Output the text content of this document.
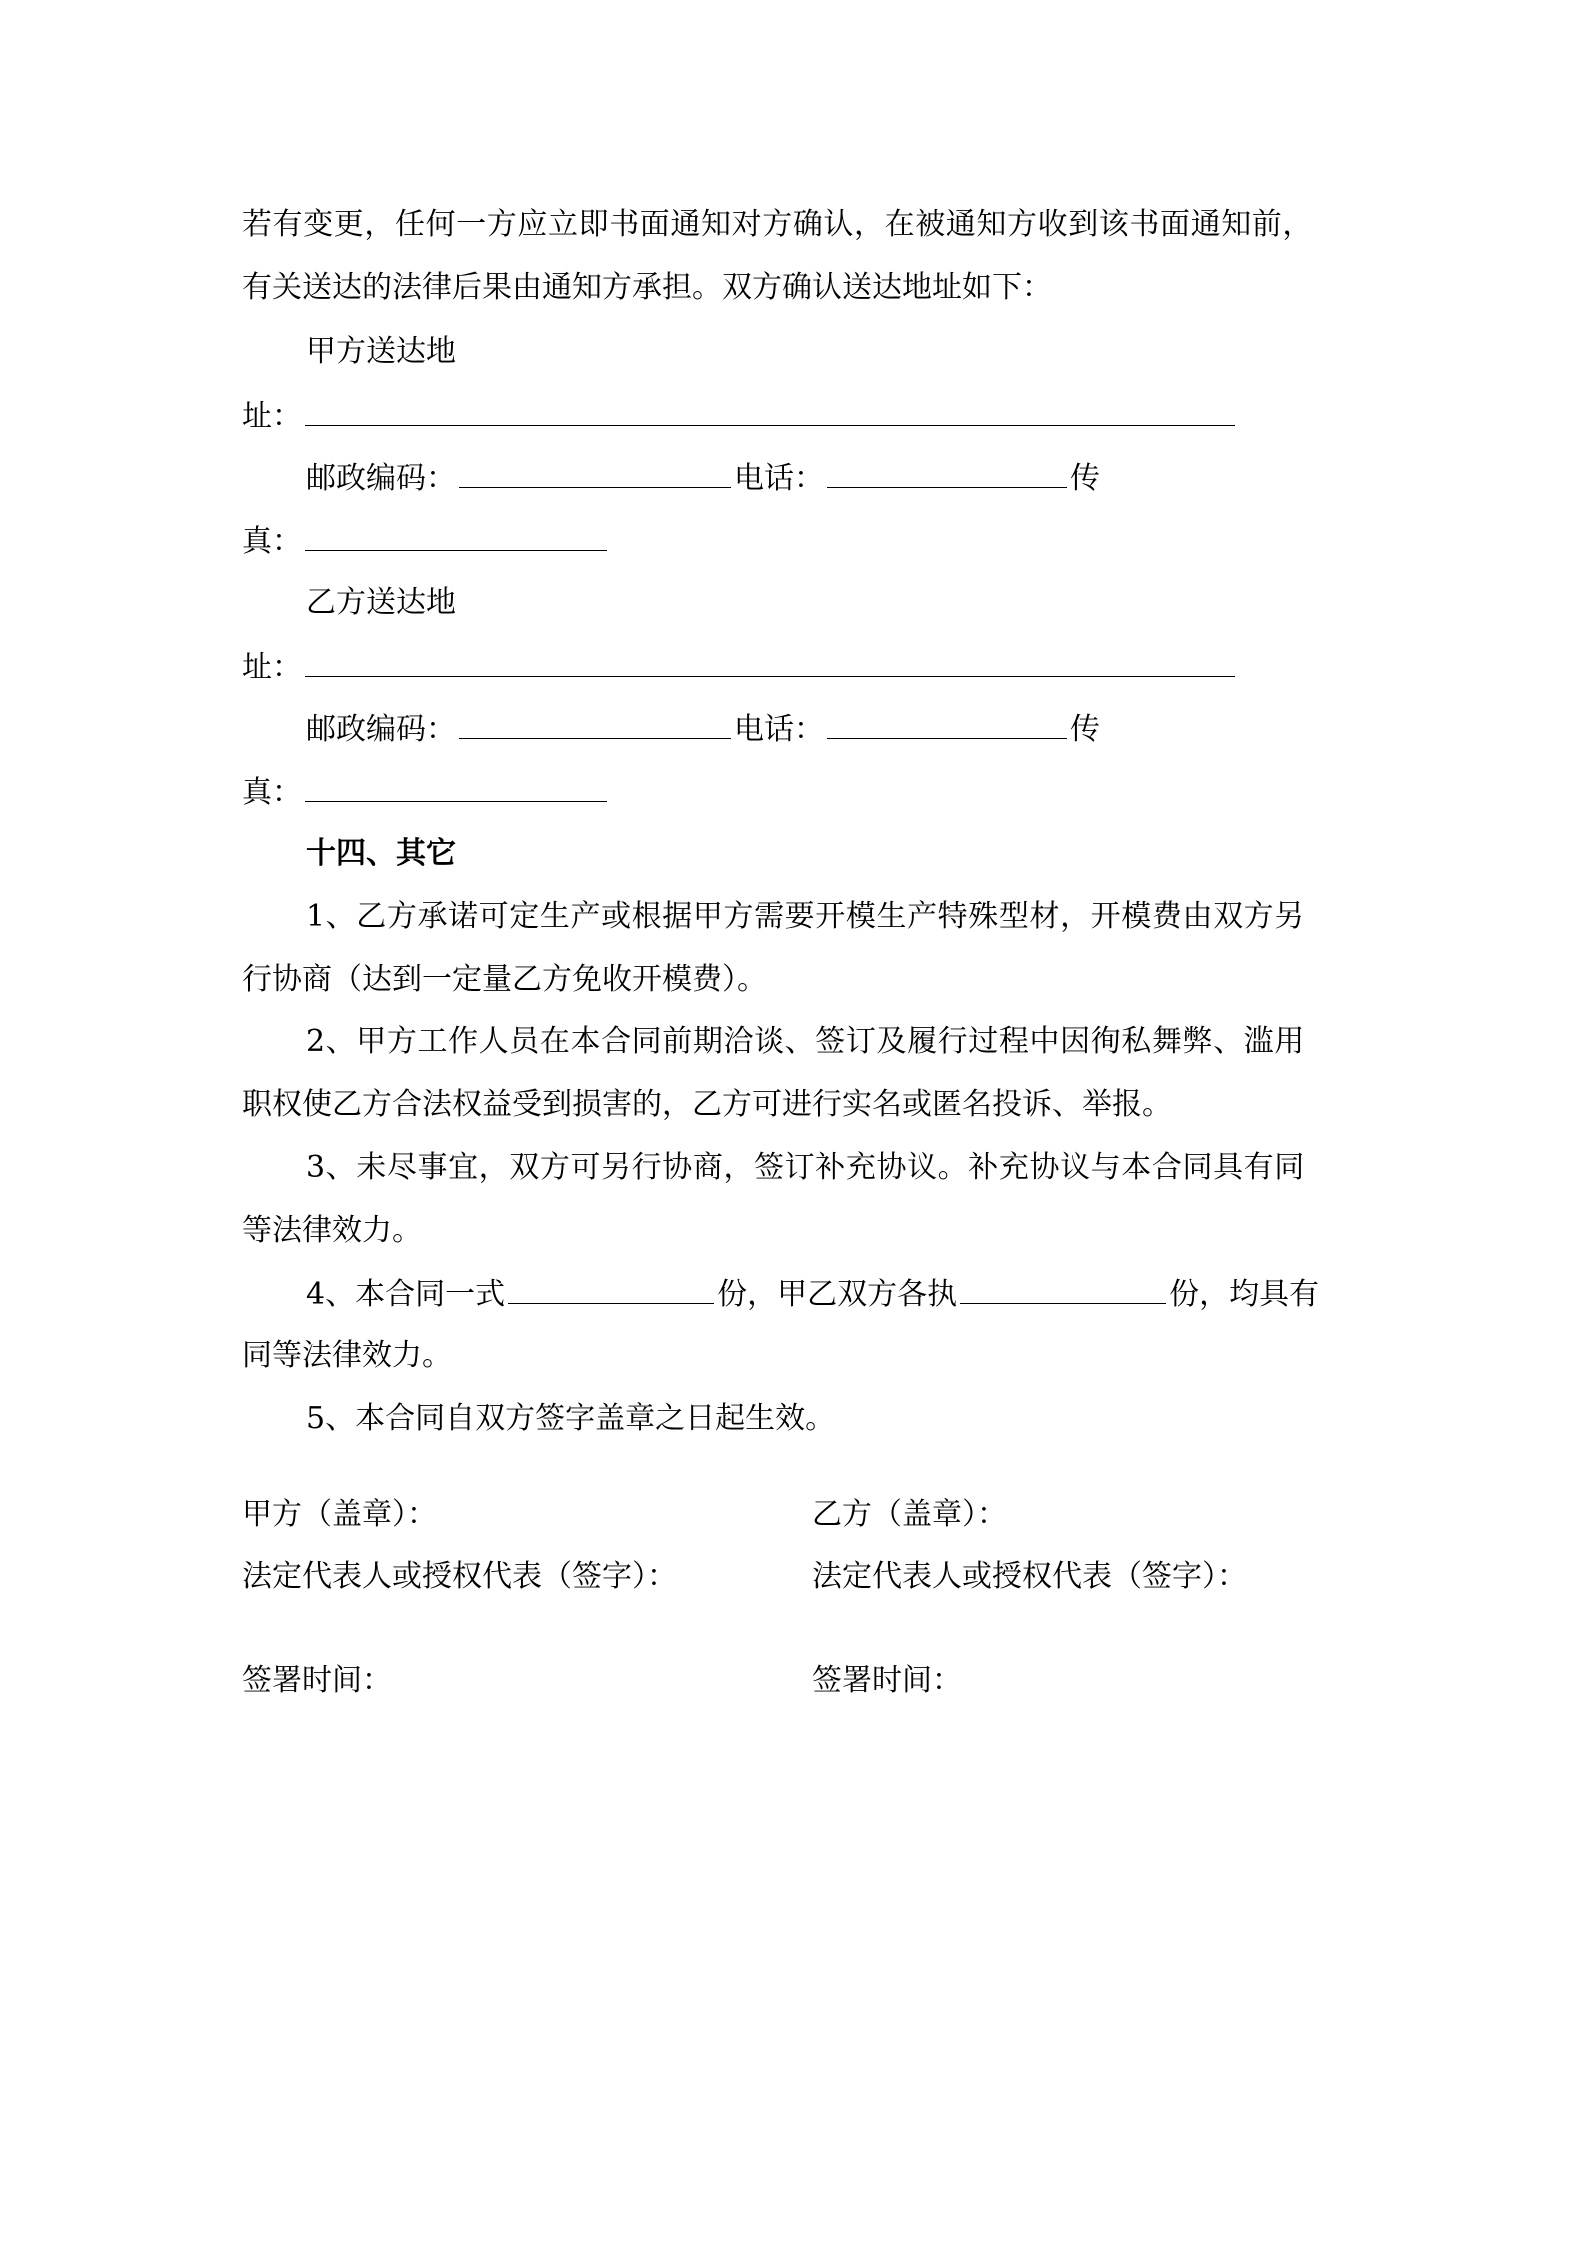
若有变更，任何一方应立即书面通知对方确认，在被通知方收到该书面通知前，
有关送达的法律后果由通知方承担。双方确认送达地址如下：
甲方送达地
址：
邮政编码：	电话：	传
真：
乙方送达地
址：
邮政编码：	电话：	传
真：
十四、其它
1、乙方承诺可定生产或根据甲方需要开模生产特殊型材，开模费由双方另
行协商（达到一定量乙方免收开模费）。
2、甲方工作人员在本合同前期洽谈、签订及履行过程中因徇私舞弊、滥用
职权使乙方合法权益受到损害的，乙方可进行实名或匿名投诉、举报。
3、未尽事宜，双方可另行协商，签订补充协议。补充协议与本合同具有同
等法律效力。
4、本合同一式	份，甲乙双方各执	份，均具有
同等法律效力。
5、本合同自双方签字盖章之日起生效。
甲方（盖章）：	乙方（盖章）：
法定代表人或授权代表（签字）：	法定代表人或授权代表（签字）：
签署时间：	签署时间：
